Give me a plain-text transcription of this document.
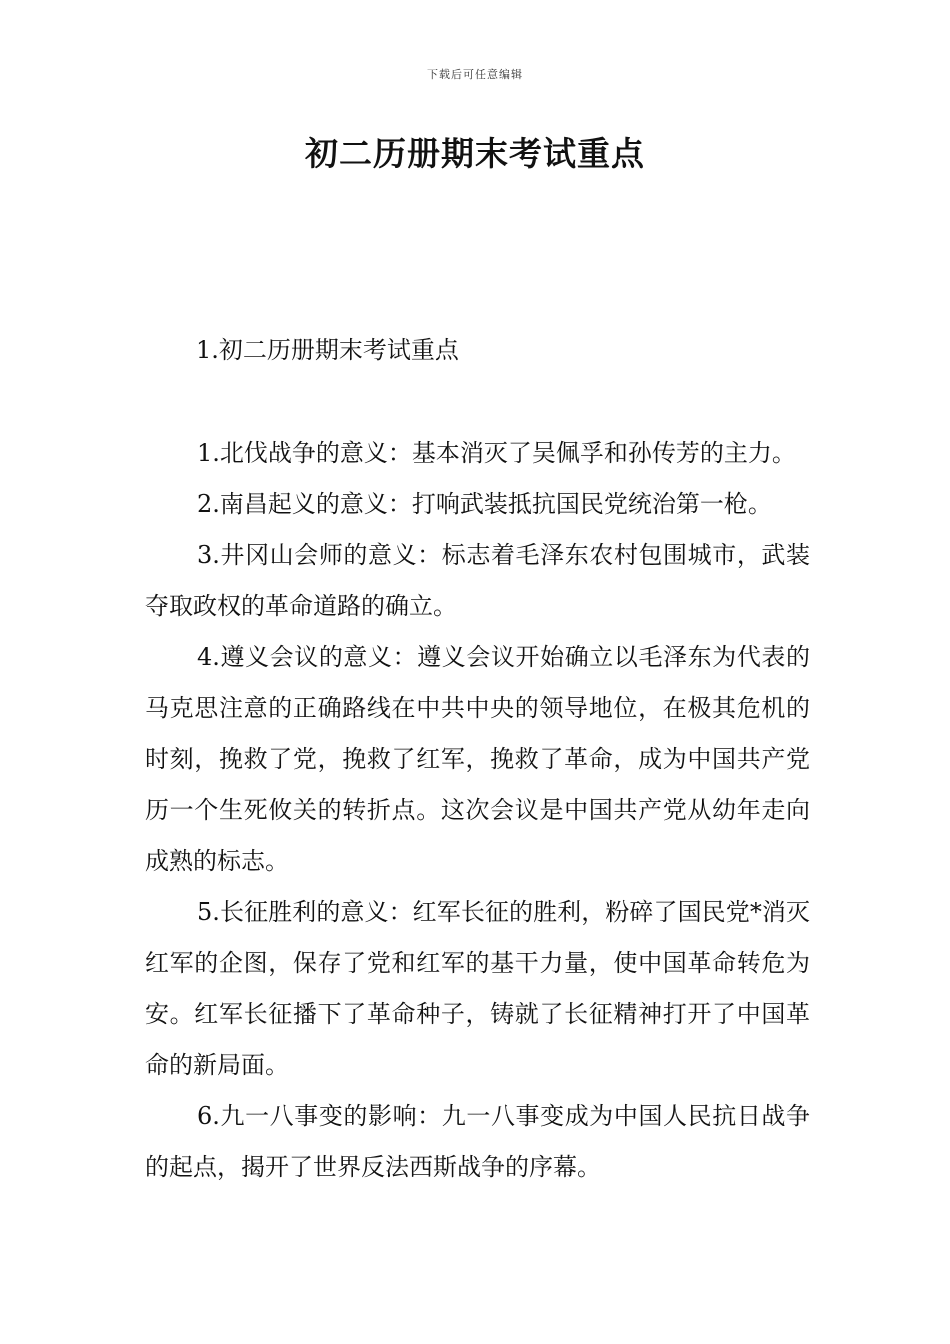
下载后可任意编辑
初二历册期末考试重点
1.初二历册期末考试重点

1.北伐战争的意义：基本消灭了吴佩孚和孙传芳的主力。

2.南昌起义的意义：打响武装抵抗国民党统治第一枪。

3.井冈山会师的意义：标志着毛泽东农村包围城市，武装夺取政权的革命道路的确立。

4.遵义会议的意义：遵义会议开始确立以毛泽东为代表的马克思注意的正确路线在中共中央的领导地位，在极其危机的时刻，挽救了党，挽救了红军，挽救了革命，成为中国共产党历一个生死攸关的转折点。这次会议是中国共产党从幼年走向成熟的标志。

5.长征胜利的意义：红军长征的胜利，粉碎了国民党*消灭红军的企图，保存了党和红军的基干力量，使中国革命转危为安。红军长征播下了革命种子，铸就了长征精神打开了中国革命的新局面。

6.九一八事变的影响：九一八事变成为中国人民抗日战争的起点，揭开了世界反法西斯战争的序幕。
